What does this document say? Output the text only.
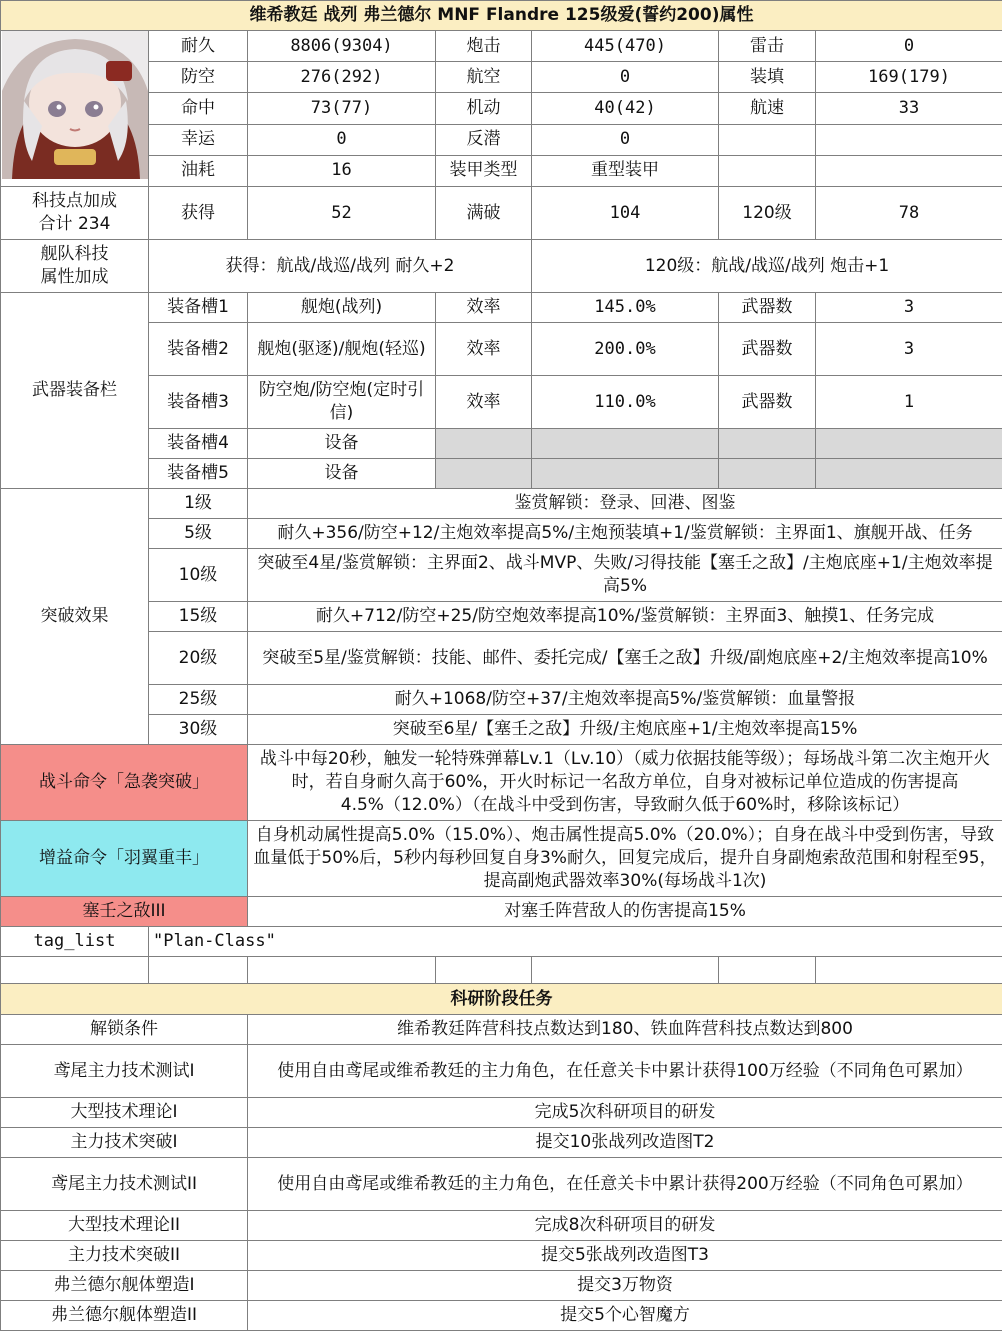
维希教廷 战列 弗兰德尔 MNF Flandre 125级爱(誓约200)属性						
	耐久	8806(9304)	炮击	445(470)	雷击	0
	防空	276(292)	航空	0	装填	169(179)
	命中	73(77)	机动	40(42)	航速	33
	幸运	0	反潜	0		
	油耗	16	装甲类型	重型装甲		
科技点加成
合计 234	获得	52	满破	104	120级	78
舰队科技
属性加成	获得：航战/战巡/战列 耐久+2			120级：航战/战巡/战列 炮击+1		
武器装备栏	装备槽1	舰炮(战列)	效率	145.0%	武器数	3
	装备槽2	舰炮(驱逐)/舰炮(轻巡)	效率	200.0%	武器数	3
	装备槽3	防空炮/防空炮(定时引信)	效率	110.0%	武器数	1
	装备槽4	设备				
	装备槽5	设备				
突破效果	1级	鉴赏解锁：登录、回港、图鉴				
	5级	耐久+356/防空+12/主炮效率提高5%/主炮预装填+1/鉴赏解锁：主界面1、旗舰开战、任务				
	10级	突破至4星/鉴赏解锁：主界面2、战斗MVP、失败/习得技能【塞壬之敌】/主炮底座+1/主炮效率提高5%				
	15级	耐久+712/防空+25/防空炮效率提高10%/鉴赏解锁：主界面3、触摸1、任务完成				
	20级	突破至5星/鉴赏解锁：技能、邮件、委托完成/【塞壬之敌】升级/副炮底座+2/主炮效率提高10%				
	25级	耐久+1068/防空+37/主炮效率提高5%/鉴赏解锁：血量警报				
	30级	突破至6星/【塞壬之敌】升级/主炮底座+1/主炮效率提高15%				
战斗命令「急袭突破」		战斗中每20秒，触发一轮特殊弹幕Lv.1（Lv.10）（威力依据技能等级）；每场战斗第二次主炮开火时，若自身耐久高于60%，开火时标记一名敌方单位，自身对被标记单位造成的伤害提高4.5%（12.0%）（在战斗中受到伤害，导致耐久低于60%时，移除该标记）				
增益命令「羽翼重丰」		自身机动属性提高5.0%（15.0%）、炮击属性提高5.0%（20.0%）；自身在战斗中受到伤害，导致血量低于50%后，5秒内每秒回复自身3%耐久，回复完成后，提升自身副炮索敌范围和射程至95，提高副炮武器效率30%(每场战斗1次)				
塞壬之敌III		对塞壬阵营敌人的伤害提高15%				
tag_list	"Plan-Class"					

科研阶段任务						
解锁条件		维希教廷阵营科技点数达到180、铁血阵营科技点数达到800				
鸢尾主力技术测试I		使用自由鸢尾或维希教廷的主力角色，在任意关卡中累计获得100万经验（不同角色可累加）				
大型技术理论I		完成5次科研项目的研发				
主力技术突破I		提交10张战列改造图T2				
鸢尾主力技术测试II		使用自由鸢尾或维希教廷的主力角色，在任意关卡中累计获得200万经验（不同角色可累加）				
大型技术理论II		完成8次科研项目的研发				
主力技术突破II		提交5张战列改造图T3				
弗兰德尔舰体塑造I		提交3万物资				
弗兰德尔舰体塑造II		提交5个心智魔方				
